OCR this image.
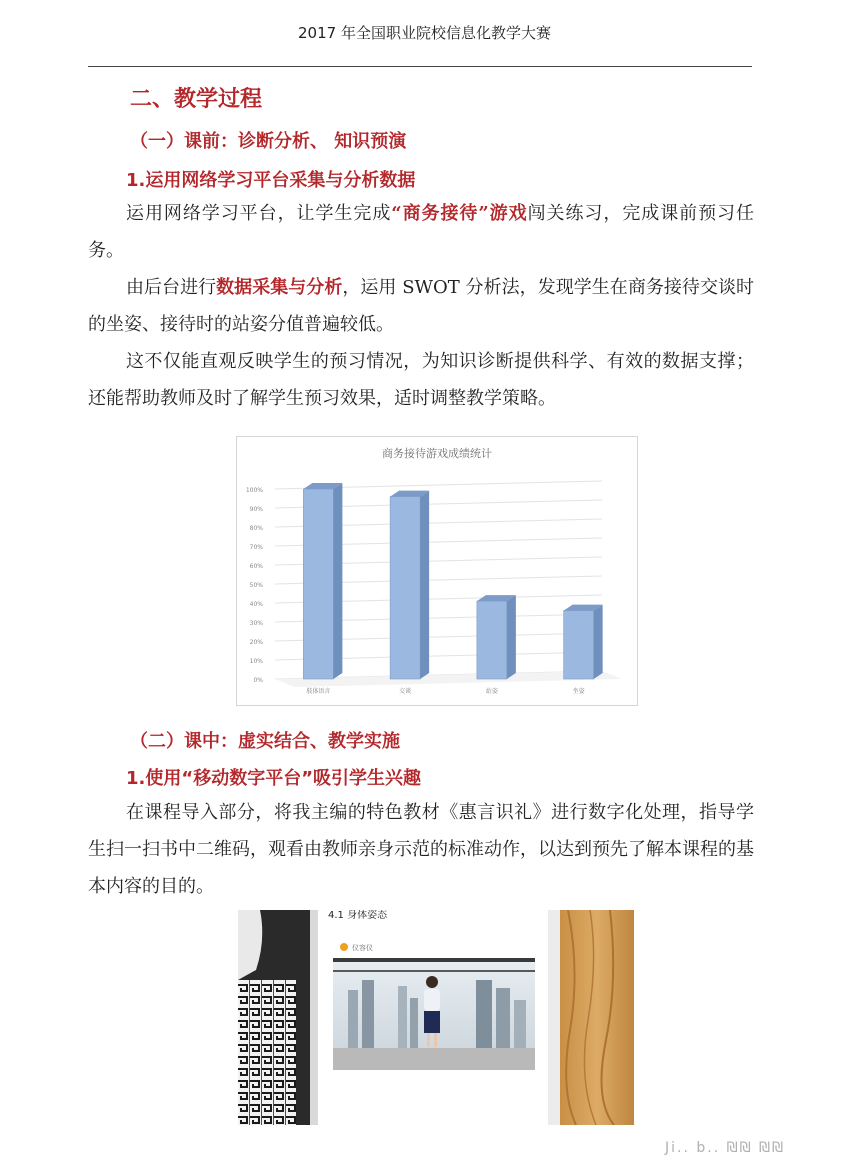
2017 年全国职业院校信息化教学大赛
二、教学过程
（一）课前：诊断分析、 知识预演
1.运用网络学习平台采集与分析数据
运用网络学习平台，让学生完成“商务接待”游戏闯关练习，完成课前预习任务。
由后台进行数据采集与分析，运用 SWOT 分析法，发现学生在商务接待交谈时的坐姿、接待时的站姿分值普遍较低。
这不仅能直观反映学生的预习情况，为知识诊断提供科学、有效的数据支撑；还能帮助教师及时了解学生预习效果，适时调整教学策略。
商务接待游戏成绩统计
0%
10%
20%
30%
40%
50%
60%
70%
80%
90%
100%
肢体语言	交谈	站姿	坐姿
（二）课中：虚实结合、教学实施
1.使用“移动数字平台”吸引学生兴趣
在课程导入部分，将我主编的特色教材《惠言识礼》进行数字化处理，指导学生扫一扫书中二维码，观看由教师亲身示范的标准动作，以达到预先了解本课程的基本内容的目的。
4.1 身体姿态
仪容仪
Ji.. b.. ₪₪ ₪₪
